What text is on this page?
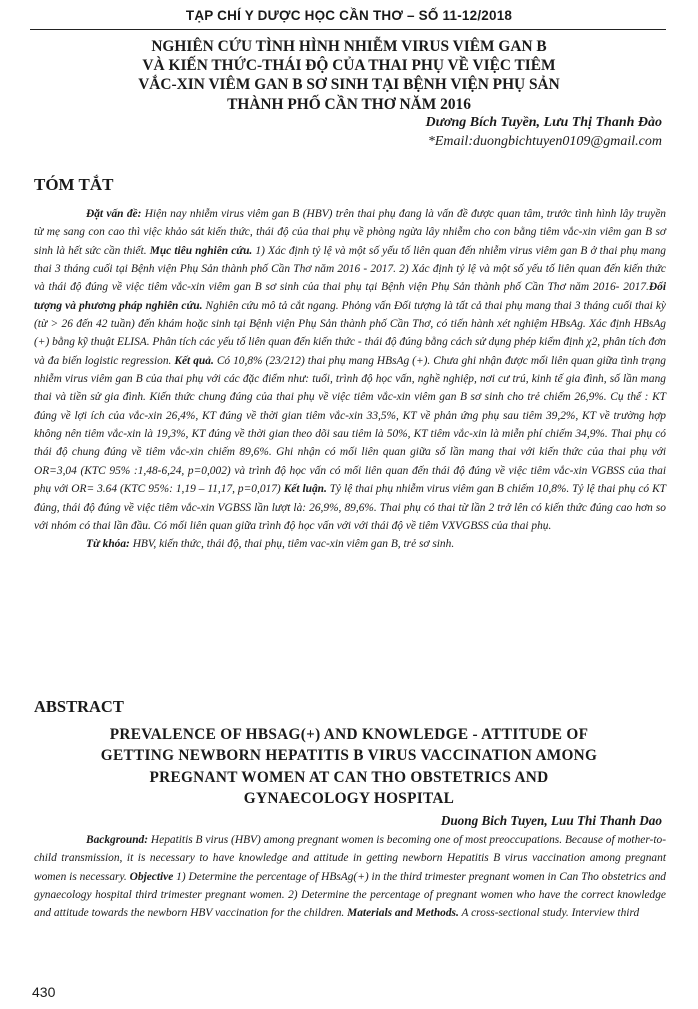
TẠP CHÍ Y DƯỢC HỌC CẦN THƠ – SỐ 11-12/2018
NGHIÊN CỨU TÌNH HÌNH NHIỄM VIRUS VIÊM GAN B
VÀ KIẾN THỨC-THÁI ĐỘ CỦA THAI PHỤ VỀ VIỆC TIÊM
VẮC-XIN VIÊM GAN B SƠ SINH TẠI BỆNH VIỆN PHỤ SẢN
THÀNH PHỐ CẦN THƠ NĂM 2016
Dương Bích Tuyền, Lưu Thị Thanh Đào
*Email:duongbichtuyen0109@gmail.com
TÓM TẮT

Đặt vấn đề: Hiện nay nhiễm virus viêm gan B (HBV) trên thai phụ đang là vấn đề được quan tâm, trước tình hình lây truyền từ mẹ sang con cao thì việc khảo sát kiến thức, thái độ của thai phụ về phòng ngừa lây nhiễm cho con bằng tiêm vắc-xin viêm gan B sơ sinh là hết sức cần thiết. Mục tiêu nghiên cứu. 1) Xác định tỷ lệ và một số yếu tố liên quan đến nhiễm virus viêm gan B ở thai phụ mang thai 3 tháng cuối tại Bệnh viện Phụ Sản thành phố Cần Thơ năm 2016 - 2017. 2) Xác định tỷ lệ và một số yếu tố liên quan đến kiến thức và thái độ đúng về việc tiêm vắc-xin viêm gan B sơ sinh của thai phụ tại Bệnh viện Phụ Sản thành phố Cần Thơ năm 2016- 2017.Đối tượng và phương pháp nghiên cứu. Nghiên cứu mô tả cắt ngang. Phỏng vấn Đối tượng là tất cả thai phụ mang thai 3 tháng cuối thai kỳ (từ > 26 đến 42 tuần) đến khám hoặc sinh tại Bệnh viện Phụ Sản thành phố Cần Thơ, có tiến hành xét nghiệm HBsAg. Xác định HBsAg (+) bằng kỹ thuật ELISA. Phân tích các yếu tố liên quan đến kiến thức - thái độ đúng bằng cách sử dụng phép kiểm định χ2, phân tích đơn và đa biến logistic regression. Kết quả. Có 10,8% (23/212) thai phụ mang HBsAg (+). Chưa ghi nhận được mối liên quan giữa tình trạng nhiễm virus viêm gan B của thai phụ với các đặc điểm như: tuổi, trình độ học vấn, nghề nghiệp, nơi cư trú, kinh tế gia đình, số lần mang thai và tiền sử gia đình. Kiến thức chung đúng của thai phụ về việc tiêm vắc-xin viêm gan B sơ sinh cho trẻ chiếm 26,9%. Cụ thể : KT đúng về lợi ích của vắc-xin 26,4%, KT đúng về thời gian tiêm vắc-xin 33,5%, KT về phản ứng phụ sau tiêm 39,2%, KT về trường hợp không nên tiêm vắc-xin là 19,3%, KT đúng về thời gian theo dõi sau tiêm là 50%, KT tiêm vắc-xin là miễn phí chiếm 34,9%. Thai phụ có thái độ chung đúng về tiêm vắc-xin chiếm 89,6%. Ghi nhận có mối liên quan giữa số lần mang thai với kiến thức của thai phụ với OR=3,04 (KTC 95% :1,48-6,24, p=0,002) và trình độ học vấn có mối liên quan đến thái độ đúng về việc tiêm vắc-xin VGBSS của thai phụ với OR= 3.64 (KTC 95%: 1,19 – 11,17, p=0,017) Kết luận. Tỷ lệ thai phụ nhiễm virus viêm gan B chiếm 10,8%. Tỷ lệ thai phụ có KT đúng, thái độ đúng về việc tiêm vắc-xin VGBSS lần lượt là: 26,9%, 89,6%. Thai phụ có thai từ lần 2 trở lên có kiến thức đúng cao hơn so với nhóm có thai lần đầu. Có mối liên quan giữa trình độ học vấn với với thái độ về tiêm VXVGBSS của thai phụ.

Từ khóa: HBV, kiến thức, thái độ, thai phụ, tiêm vac-xin viêm gan B, trẻ sơ sinh.

ABSTRACT
PREVALENCE OF HBSAG(+) AND KNOWLEDGE - ATTITUDE OF
GETTING NEWBORN HEPATITIS B VIRUS VACCINATION AMONG
PREGNANT WOMEN AT CAN THO OBSTETRICS AND
GYNAECOLOGY HOSPITAL
Duong Bich Tuyen, Luu Thi Thanh Dao

Background: Hepatitis B virus (HBV) among pregnant women is becoming one of most preoccupations. Because of mother-to-child transmission, it is necessary to have knowledge and attitude in getting newborn Hepatitis B virus vaccination among pregnant women is necessary. Objective 1) Determine the percentage of HBsAg(+) in the third trimester pregnant women in Can Tho obstetrics and gynaecology hospital third trimester pregnant women. 2) Determine the percentage of pregnant women who have the correct knowledge and attitude towards the newborn HBV vaccination for the children. Materials and Methods. A cross-sectional study. Interview third

430
